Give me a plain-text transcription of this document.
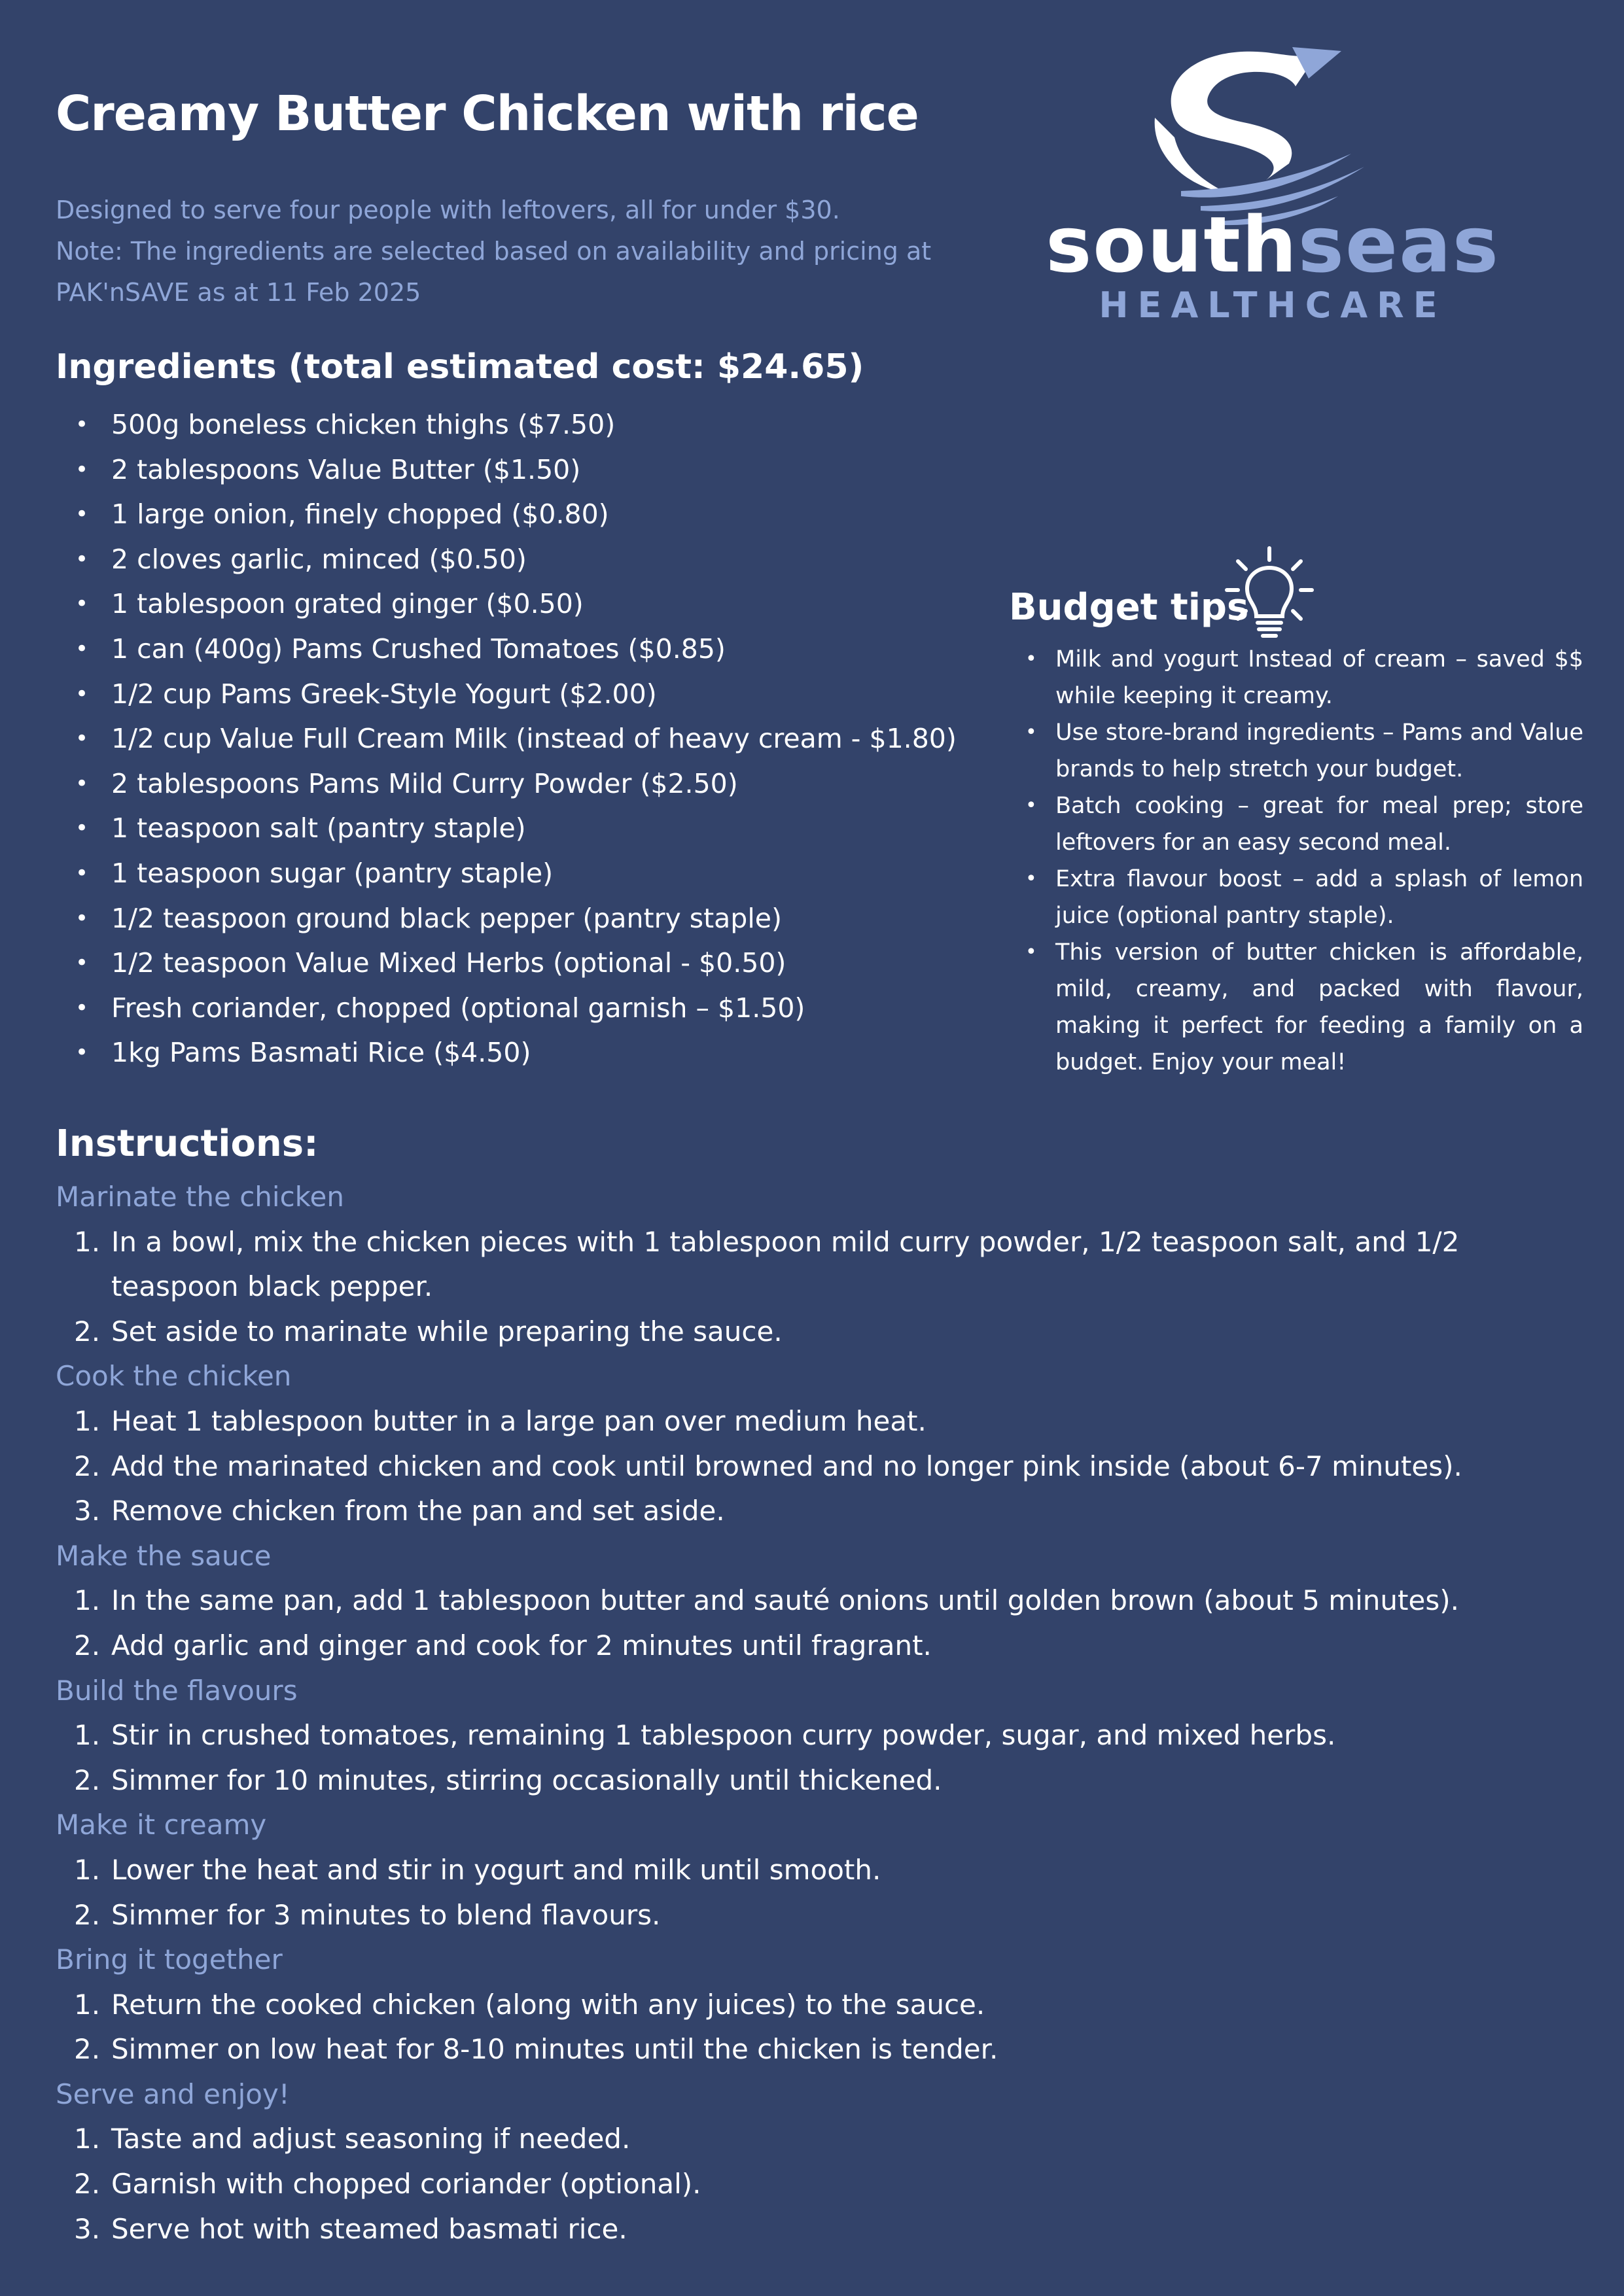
Creamy Butter Chicken with rice
Designed to serve four people with leftovers, all for under $30.
Note: The ingredients are selected based on availability and pricing at
PAK'nSAVE as at 11 Feb 2025
southseas
HEALTHCARE
Ingredients (total estimated cost: $24.65)
• 500g boneless chicken thighs ($7.50)
• 2 tablespoons Value Butter ($1.50)
• 1 large onion, finely chopped ($0.80)
• 2 cloves garlic, minced ($0.50)
• 1 tablespoon grated ginger ($0.50)
• 1 can (400g) Pams Crushed Tomatoes ($0.85)
• 1/2 cup Pams Greek-Style Yogurt ($2.00)
• 1/2 cup Value Full Cream Milk (instead of heavy cream - $1.80)
• 2 tablespoons Pams Mild Curry Powder ($2.50)
• 1 teaspoon salt (pantry staple)
• 1 teaspoon sugar (pantry staple)
• 1/2 teaspoon ground black pepper (pantry staple)
• 1/2 teaspoon Value Mixed Herbs (optional - $0.50)
• Fresh coriander, chopped (optional garnish – $1.50)
• 1kg Pams Basmati Rice ($4.50)
Budget tips
• Milk and yogurt Instead of cream – saved $$ while keeping it creamy.
• Use store-brand ingredients – Pams and Value brands to help stretch your budget.
• Batch cooking – great for meal prep; store leftovers for an easy second meal.
• Extra flavour boost – add a splash of lemon juice (optional pantry staple).
• This version of butter chicken is affordable, mild, creamy, and packed with flavour, making it perfect for feeding a family on a budget. Enjoy your meal!
Instructions:
Marinate the chicken
1. In a bowl, mix the chicken pieces with 1 tablespoon mild curry powder, 1/2 teaspoon salt, and 1/2 teaspoon black pepper.
2. Set aside to marinate while preparing the sauce.
Cook the chicken
1. Heat 1 tablespoon butter in a large pan over medium heat.
2. Add the marinated chicken and cook until browned and no longer pink inside (about 6-7 minutes).
3. Remove chicken from the pan and set aside.
Make the sauce
1. In the same pan, add 1 tablespoon butter and sauté onions until golden brown (about 5 minutes).
2. Add garlic and ginger and cook for 2 minutes until fragrant.
Build the flavours
1. Stir in crushed tomatoes, remaining 1 tablespoon curry powder, sugar, and mixed herbs.
2. Simmer for 10 minutes, stirring occasionally until thickened.
Make it creamy
1. Lower the heat and stir in yogurt and milk until smooth.
2. Simmer for 3 minutes to blend flavours.
Bring it together
1. Return the cooked chicken (along with any juices) to the sauce.
2. Simmer on low heat for 8-10 minutes until the chicken is tender.
Serve and enjoy!
1. Taste and adjust seasoning if needed.
2. Garnish with chopped coriander (optional).
3. Serve hot with steamed basmati rice.
